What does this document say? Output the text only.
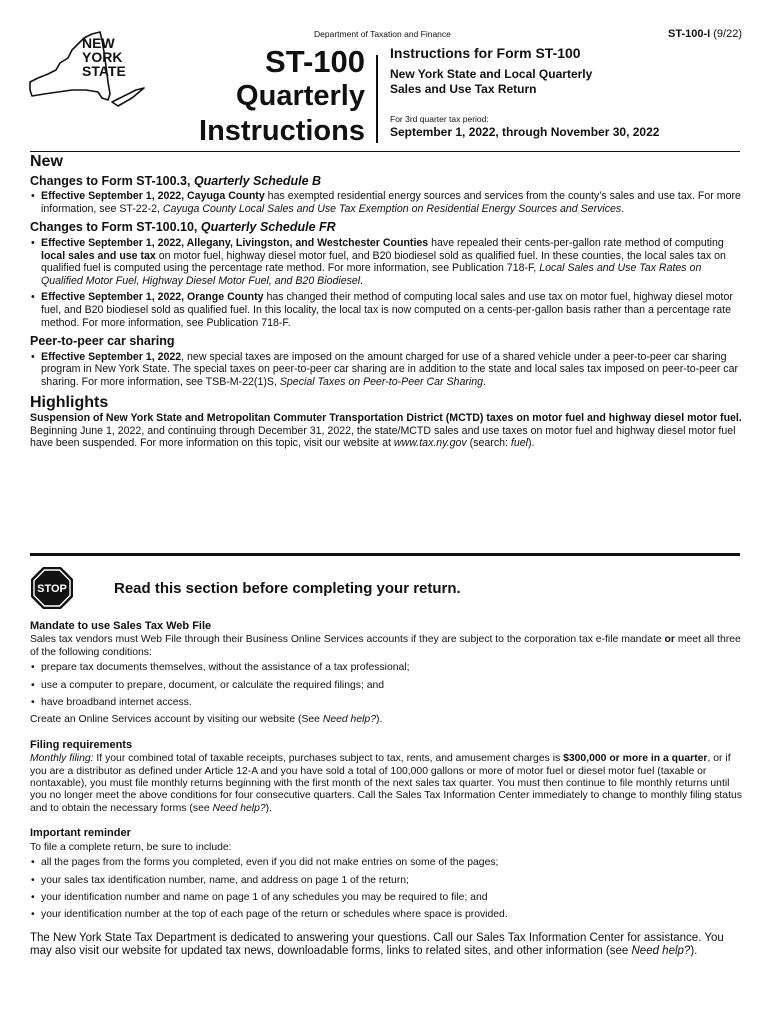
Department of Taxation and Finance	ST-100-I (9/22)
NEW
YORK
STATE	ST-100
Quarterly
Instructions
Instructions for Form ST-100
New York State and Local Quarterly
Sales and Use Tax Return
For 3rd quarter tax period:
September 1, 2022, through November 30, 2022
New
Changes to Form ST-100.3, Quarterly Schedule B
• Effective September 1, 2022, Cayuga County has exempted residential energy sources and services from the county’s sales and use tax. For more information, see ST-22-2, Cayuga County Local Sales and Use Tax Exemption on Residential Energy Sources and Services.
Changes to Form ST-100.10, Quarterly Schedule FR
• Effective September 1, 2022, Allegany, Livingston, and Westchester Counties have repealed their cents-per-gallon rate method of computing local sales and use tax on motor fuel, highway diesel motor fuel, and B20 biodiesel sold as qualified fuel. In these counties, the local sales tax on qualified fuel is computed using the percentage rate method. For more information, see Publication 718-F, Local Sales and Use Tax Rates on Qualified Motor Fuel, Highway Diesel Motor Fuel, and B20 Biodiesel.
• Effective September 1, 2022, Orange County has changed their method of computing local sales and use tax on motor fuel, highway diesel motor fuel, and B20 biodiesel sold as qualified fuel. In this locality, the local tax is now computed on a cents-per-gallon basis rather than a percentage rate method. For more information, see Publication 718-F.
Peer-to-peer car sharing
• Effective September 1, 2022, new special taxes are imposed on the amount charged for use of a shared vehicle under a peer-to-peer car sharing program in New York State. The special taxes on peer-to-peer car sharing are in addition to the state and local sales tax imposed on peer-to-peer car sharing. For more information, see TSB-M-22(1)S, Special Taxes on Peer-to-Peer Car Sharing.
Highlights

Suspension of New York State and Metropolitan Commuter Transportation District (MCTD) taxes on motor fuel and highway diesel motor fuel. Beginning June 1, 2022, and continuing through December 31, 2022, the state/MCTD sales and use taxes on motor fuel and highway diesel motor fuel have been suspended. For more information on this topic, visit our website at www.tax.ny.gov (search: fuel).

STOP	Read this section before completing your return.
Mandate to use Sales Tax Web File

Sales tax vendors must Web File through their Business Online Services accounts if they are subject to the corporation tax e-file mandate or meet all three of the following conditions:

• prepare tax documents themselves, without the assistance of a tax professional;
• use a computer to prepare, document, or calculate the required filings; and
• have broadband internet access.

Create an Online Services account by visiting our website (See Need help?).

Filing requirements

Monthly filing: If your combined total of taxable receipts, purchases subject to tax, rents, and amusement charges is $300,000 or more in a quarter, or if you are a distributor as defined under Article 12-A and you have sold a total of 100,000 gallons or more of motor fuel or diesel motor fuel (taxable or nontaxable), you must file monthly returns beginning with the first month of the next sales tax quarter. You must then continue to file monthly returns until you no longer meet the above conditions for four consecutive quarters. Call the Sales Tax Information Center immediately to change to monthly filing status and to obtain the necessary forms (see Need help?).

Important reminder

To file a complete return, be sure to include:

• all the pages from the forms you completed, even if you did not make entries on some of the pages;
• your sales tax identification number, name, and address on page 1 of the return;
• your identification number and name on page 1 of any schedules you may be required to file; and
• your identification number at the top of each page of the return or schedules where space is provided.

The New York State Tax Department is dedicated to answering your questions. Call our Sales Tax Information Center for assistance. You may also visit our website for updated tax news, downloadable forms, links to related sites, and other information (see Need help?).
